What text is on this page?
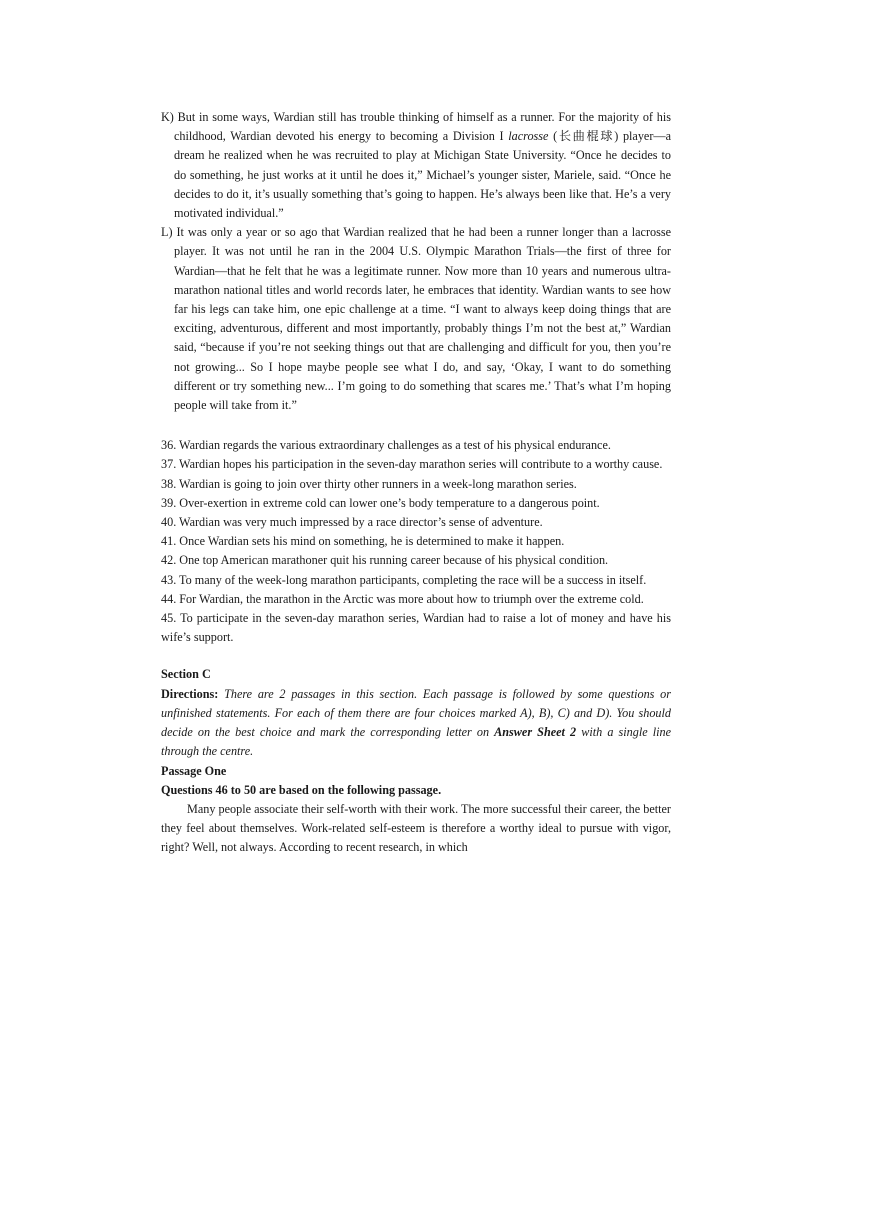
K) But in some ways, Wardian still has trouble thinking of himself as a runner. For the majority of his childhood, Wardian devoted his energy to becoming a Division I lacrosse (长曲棍球) player—a dream he realized when he was recruited to play at Michigan State University. “Once he decides to do something, he just works at it until he does it,” Michael’s younger sister, Mariele, said. “Once he decides to do it, it’s usually something that’s going to happen. He’s always been like that. He’s a very motivated individual.”
L) It was only a year or so ago that Wardian realized that he had been a runner longer than a lacrosse player. It was not until he ran in the 2004 U.S. Olympic Marathon Trials—the first of three for Wardian—that he felt that he was a legitimate runner. Now more than 10 years and numerous ultra-marathon national titles and world records later, he embraces that identity. Wardian wants to see how far his legs can take him, one epic challenge at a time. “I want to always keep doing things that are exciting, adventurous, different and most importantly, probably things I’m not the best at,” Wardian said, “because if you’re not seeking things out that are challenging and difficult for you, then you’re not growing... So I hope maybe people see what I do, and say, ‘Okay, I want to do something different or try something new... I’m going to do something that scares me.’ That’s what I’m hoping people will take from it.”
36. Wardian regards the various extraordinary challenges as a test of his physical endurance.
37. Wardian hopes his participation in the seven-day marathon series will contribute to a worthy cause.
38. Wardian is going to join over thirty other runners in a week-long marathon series.
39. Over-exertion in extreme cold can lower one’s body temperature to a dangerous point.
40. Wardian was very much impressed by a race director’s sense of adventure.
41. Once Wardian sets his mind on something, he is determined to make it happen.
42. One top American marathoner quit his running career because of his physical condition.
43. To many of the week-long marathon participants, completing the race will be a success in itself.
44. For Wardian, the marathon in the Arctic was more about how to triumph over the extreme cold.
45. To participate in the seven-day marathon series, Wardian had to raise a lot of money and have his wife’s support.
Section C
Directions: There are 2 passages in this section. Each passage is followed by some questions or unfinished statements. For each of them there are four choices marked A), B), C) and D). You should decide on the best choice and mark the corresponding letter on Answer Sheet 2 with a single line through the centre.
Passage One
Questions 46 to 50 are based on the following passage.
Many people associate their self-worth with their work. The more successful their career, the better they feel about themselves. Work-related self-esteem is therefore a worthy ideal to pursue with vigor, right? Well, not always. According to recent research, in which
